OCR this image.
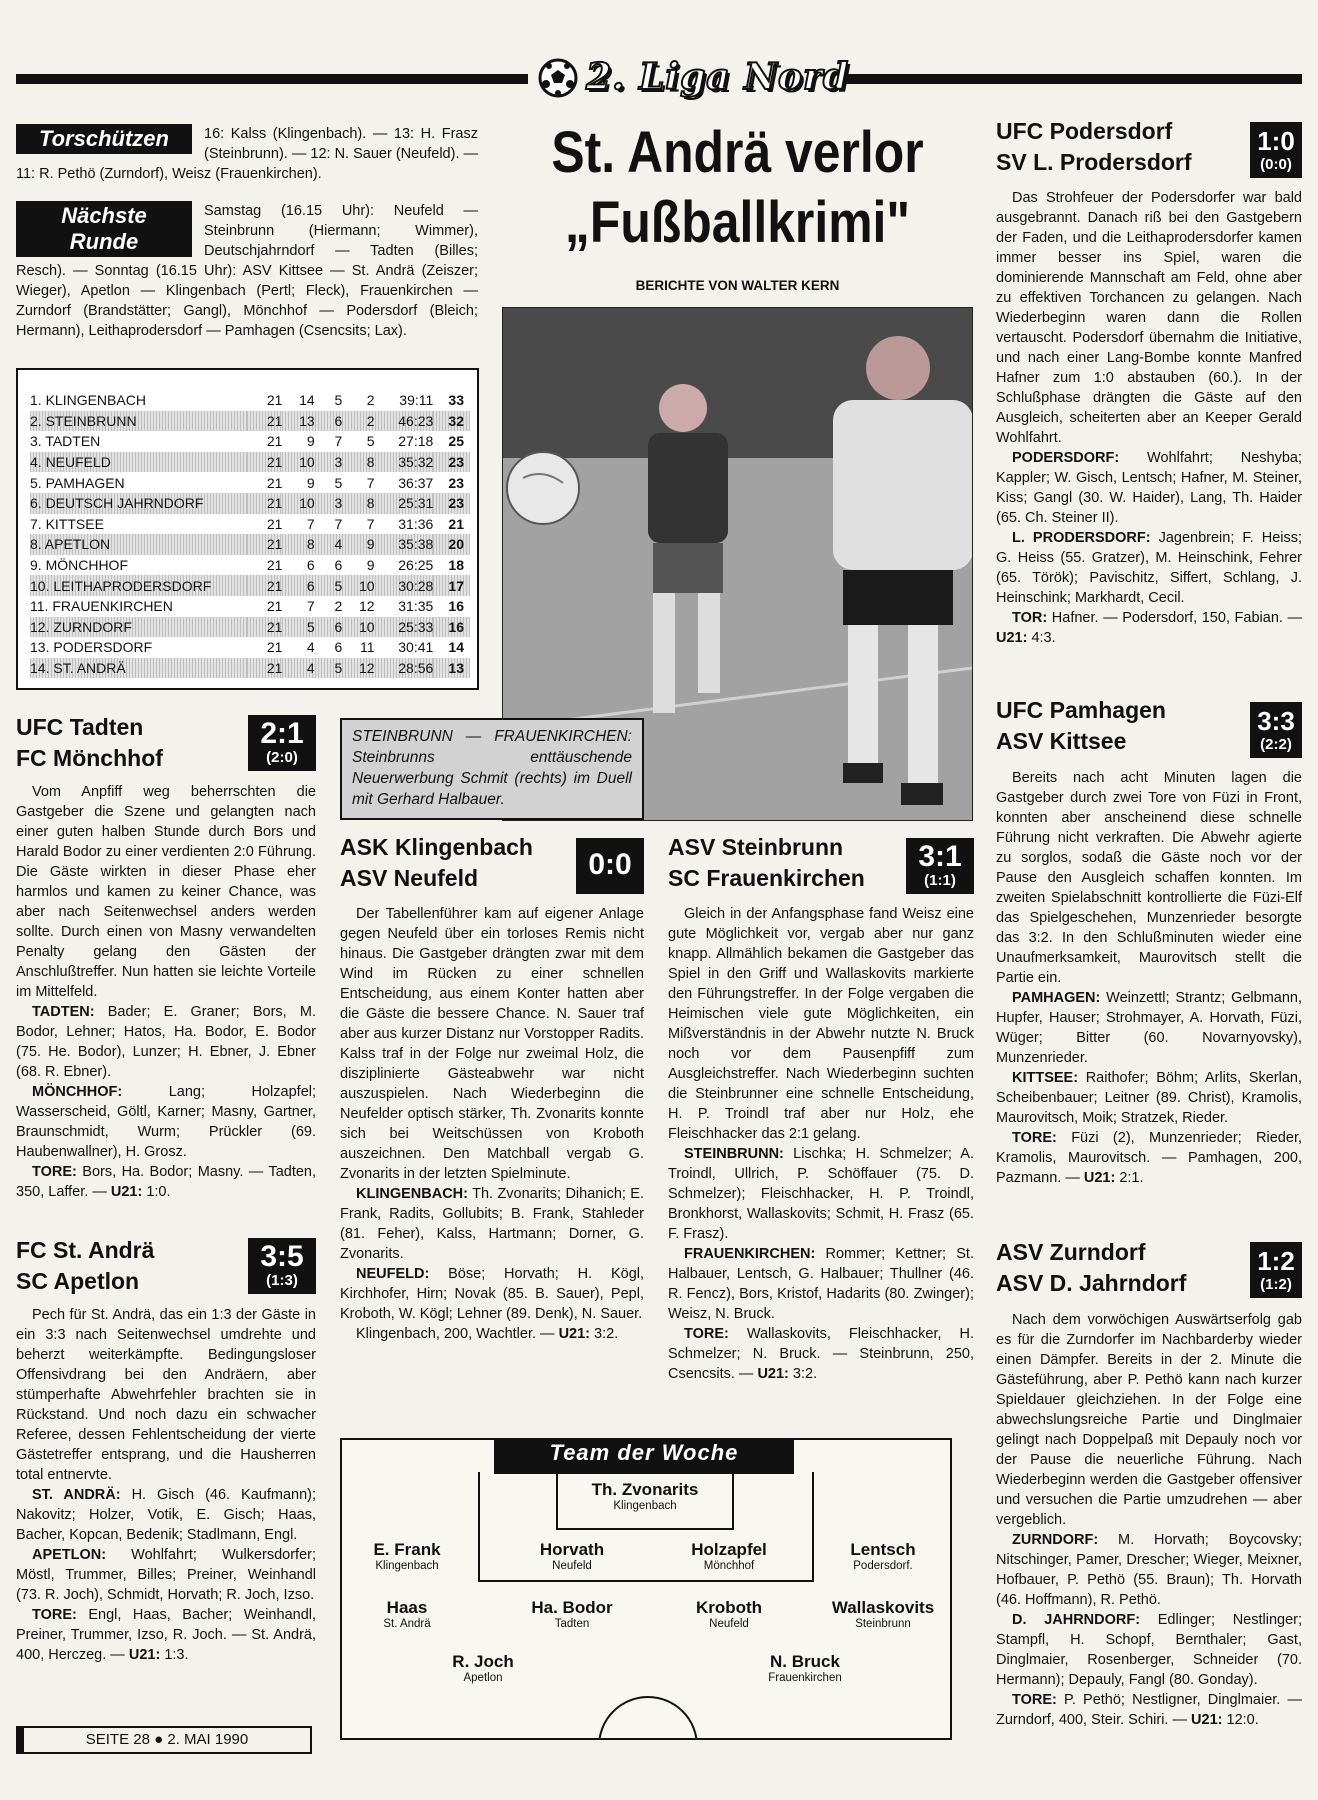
2. Liga Nord
Torschützen	16: Kalss (Klingenbach). — 13: H. Frasz (Steinbrunn). — 12: N. Sauer (Neufeld). — 11: R. Pethö (Zurndorf), Weisz (Frauenkirchen).
Nächste Runde
Samstag (16.15 Uhr): Neufeld — Steinbrunn (Hiermann; Wimmer), Deutschjahrndorf — Tadten (Billes; Resch). — Sonntag (16.15 Uhr): ASV Kittsee — St. Andrä (Zeiszer; Wieger), Apetlon — Klingenbach (Pertl; Fleck), Frauenkirchen — Zurndorf (Brandstätter; Gangl), Mönchhof — Podersdorf (Bleich; Hermann), Leithaprodersdorf — Pamhagen (Csencsits; Lax).
1. KLINGENBACH	21	14	5	2	39:11	33
2. STEINBRUNN	21	13	6	2	46:23	32
3. TADTEN	21	9	7	5	27:18	25
4. NEUFELD	21	10	3	8	35:32	23
5. PAMHAGEN	21	9	5	7	36:37	23
6. DEUTSCH JAHRNDORF	21	10	3	8	25:31	23
7. KITTSEE	21	7	7	7	31:36	21
8. APETLON	21	8	4	9	35:38	20
9. MÖNCHHOF	21	6	6	9	26:25	18
10. LEITHAPRODERSDORF	21	6	5	10	30:28	17
11. FRAUENKIRCHEN	21	7	2	12	31:35	16
12. ZURNDORF	21	5	6	10	25:33	16
13. PODERSDORF	21	4	6	11	30:41	14
14. ST. ANDRÄ	21	4	5	12	28:56	13
St. Andrä verlor
„Fußballkrimi"
BERICHTE VON WALTER KERN
STEINBRUNN — FRAUENKIRCHEN: Steinbrunns enttäuschende Neuerwerbung Schmit (rechts) im Duell mit Gerhard Halbauer.
UFC Tadten
FC Mönchhof
2:1
(2:0)

Vom Anpfiff weg beherrschten die Gastgeber die Szene und gelangten nach einer guten halben Stunde durch Bors und Harald Bodor zu einer verdienten 2:0 Führung. Die Gäste wirkten in dieser Phase eher harmlos und kamen zu keiner Chance, was aber nach Seitenwechsel anders werden sollte. Durch einen von Masny verwandelten Penalty gelang den Gästen der Anschlußtreffer. Nun hatten sie leichte Vorteile im Mittelfeld.

TADTEN: Bader; E. Graner; Bors, M. Bodor, Lehner; Hatos, Ha. Bodor, E. Bodor (75. He. Bodor), Lunzer; H. Ebner, J. Ebner (68. R. Ebner).

MÖNCHHOF:	Lang; Holzapfel; Wasserscheid, Göltl, Karner; Masny, Gartner, Braunschmidt, Wurm; Prückler (69. Haubenwallner), H. Grosz.

TORE: Bors, Ha. Bodor; Masny. — Tadten, 350, Laffer. — U21: 1:0.

FC St. Andrä
SC Apetlon
3:5
(1:3)

Pech für St. Andrä, das ein 1:3 der Gäste in ein 3:3 nach Seitenwechsel umdrehte und beherzt weiterkämpfte. Bedingungsloser Offensivdrang bei den Andräern, aber stümperhafte Abwehrfehler brachten sie in Rückstand. Und noch dazu ein schwacher Referee, dessen Fehlentscheidung der vierte Gästetreffer entsprang, und die Hausherren total entnervte.

ST. ANDRÄ: H. Gisch (46. Kaufmann); Nakovitz; Holzer, Votik, E. Gisch; Haas, Bacher, Kopcan, Bedenik; Stadlmann, Engl.

APETLON: Wohlfahrt; Wulkersdorfer; Möstl, Trummer, Billes; Preiner, Weinhandl (73. R. Joch), Schmidt, Horvath; R. Joch, Izso.

TORE: Engl, Haas, Bacher; Weinhandl, Preiner, Trummer, Izso, R. Joch. — St. Andrä, 400, Herczeg. — U21: 1:3.

ASK Klingenbach
ASV Neufeld	0:0

Der Tabellenführer kam auf eigener Anlage gegen Neufeld über ein torloses Remis nicht hinaus. Die Gastgeber drängten zwar mit dem Wind im Rücken zu einer schnellen Entscheidung, aus einem Konter hatten aber die Gäste die bessere Chance. N. Sauer traf aber aus kurzer Distanz nur Vorstopper Radits. Kalss traf in der Folge nur zweimal Holz, die disziplinierte Gästeabwehr war nicht auszuspielen. Nach Wiederbeginn die Neufelder optisch stärker, Th. Zvonarits konnte sich bei Weitschüssen von Kroboth auszeichnen. Den Matchball vergab G. Zvonarits in der letzten Spielminute.

KLINGENBACH: Th. Zvonarits; Dihanich; E. Frank, Radits, Gollubits; B. Frank, Stahleder (81. Feher), Kalss, Hartmann; Dorner, G. Zvonarits.

NEUFELD: Böse; Horvath; H. Kögl, Kirchhofer, Hirn; Novak (85. B. Sauer), Pepl, Kroboth, W. Kögl; Lehner (89. Denk), N. Sauer.

Klingenbach, 200, Wachtler. — U21: 3:2.

ASV Steinbrunn
SC Frauenkirchen
3:1
(1:1)

Gleich in der Anfangsphase fand Weisz eine gute Möglichkeit vor, vergab aber nur ganz knapp. Allmählich bekamen die Gastgeber das Spiel in den Griff und Wallaskovits markierte den Führungstreffer. In der Folge vergaben die Heimischen viele gute Möglichkeiten, ein Mißverständnis in der Abwehr nutzte N. Bruck noch vor dem Pausenpfiff zum Ausgleichstreffer. Nach Wiederbeginn suchten die Steinbrunner eine schnelle Entscheidung, H. P. Troindl traf aber nur Holz, ehe Fleischhacker das 2:1 gelang.

STEINBRUNN: Lischka; H. Schmelzer; A. Troindl, Ullrich, P. Schöffauer (75. D. Schmelzer); Fleischhacker, H. P. Troindl, Bronkhorst, Wallaskovits; Schmit, H. Frasz (65. F. Frasz).

FRAUENKIRCHEN: Rommer; Kettner; St. Halbauer, Lentsch, G. Halbauer; Thullner (46. R. Fencz), Bors, Kristof, Hadarits (80. Zwinger); Weisz, N. Bruck.

TORE: Wallaskovits, Fleischhacker, H. Schmelzer; N. Bruck. — Steinbrunn, 250, Csencsits. — U21: 3:2.

UFC Podersdorf
SV L. Prodersdorf
1:0
(0:0)

Das Strohfeuer der Podersdorfer war bald ausgebrannt. Danach riß bei den Gastgebern der Faden, und die Leithaprodersdorfer kamen immer besser ins Spiel, waren die dominierende Mannschaft am Feld, ohne aber zu effektiven Torchancen zu gelangen. Nach Wiederbeginn waren dann die Rollen vertauscht. Podersdorf übernahm die Initiative, und nach einer Lang-Bombe konnte Manfred Hafner zum 1:0 abstauben (60.). In der Schlußphase drängten die Gäste auf den Ausgleich, scheiterten aber an Keeper Gerald Wohlfahrt.

PODERSDORF: Wohlfahrt; Neshyba; Kappler; W. Gisch, Lentsch; Hafner, M. Steiner, Kiss; Gangl (30. W. Haider), Lang, Th. Haider (65. Ch. Steiner II).

L. PRODERSDORF: Jagenbrein; F. Heiss; G. Heiss (55. Gratzer), M. Heinschink, Fehrer (65. Török); Pavischitz, Siffert, Schlang, J. Heinschink; Markhardt, Cecil.

TOR: Hafner. — Podersdorf, 150, Fabian. — U21: 4:3.

UFC Pamhagen
ASV Kittsee
3:3
(2:2)

Bereits nach acht Minuten lagen die Gastgeber durch zwei Tore von Füzi in Front, konnten aber anscheinend diese schnelle Führung nicht verkraften. Die Abwehr agierte zu sorglos, sodaß die Gäste noch vor der Pause den Ausgleich schaffen konnten. Im zweiten Spielabschnitt kontrollierte die Füzi-Elf das Spielgeschehen, Munzenrieder besorgte das 3:2. In den Schlußminuten wieder eine Unaufmerksamkeit, Maurovitsch stellt die Partie ein.

PAMHAGEN: Weinzettl; Strantz; Gelbmann, Hupfer, Hauser; Strohmayer, A. Horvath, Füzi, Wüger; Bitter (60. Novarnyovsky), Munzenrieder.

KITTSEE: Raithofer; Böhm; Arlits, Skerlan, Scheibenbauer; Leitner (89. Christ), Kramolis, Maurovitsch, Moik; Stratzek, Rieder.

TORE: Füzi (2), Munzenrieder; Rieder, Kramolis, Maurovitsch. — Pamhagen, 200, Pazmann. — U21: 2:1.

ASV Zurndorf
ASV D. Jahrndorf
1:2
(1:2)

Nach dem vorwöchigen Auswärtserfolg gab es für die Zurndorfer im Nachbarderby wieder einen Dämpfer. Bereits in der 2. Minute die Gästeführung, aber P. Pethö kann nach kurzer Spieldauer gleichziehen. In der Folge eine abwechslungsreiche Partie und Dinglmaier gelingt nach Doppelpaß mit Depauly noch vor der Pause die neuerliche Führung. Nach Wiederbeginn werden die Gastgeber offensiver und versuchen die Partie umzudrehen — aber vergeblich.

ZURNDORF: M. Horvath; Boycovsky; Nitschinger, Pamer, Drescher; Wieger, Meixner, Hofbauer, P. Pethö (55. Braun); Th. Horvath (46. Hoffmann), R. Pethö.

D. JAHRNDORF: Edlinger; Nestlinger; Stampfl, H. Schopf, Bernthaler; Gast, Dinglmaier, Rosenberger, Schneider (70. Hermann); Depauly, Fangl (80. Gonday).

TORE: P. Pethö; Nestligner, Dinglmaier. — Zurndorf, 400, Steir. Schiri. — U21: 12:0.

Team der Woche
Th. Zvonarits
Klingenbach
E. Frank
Klingenbach
Horvath
Neufeld
Holzapfel
Mönchhof
Lentsch
Podersdorf.
Haas
St. Andrä
Ha. Bodor
Tadten
Kroboth
Neufeld
Wallaskovits
Steinbrunn
R. Joch
Apetlon
N. Bruck
Frauenkirchen
SEITE 28 ● 2. MAI 1990
